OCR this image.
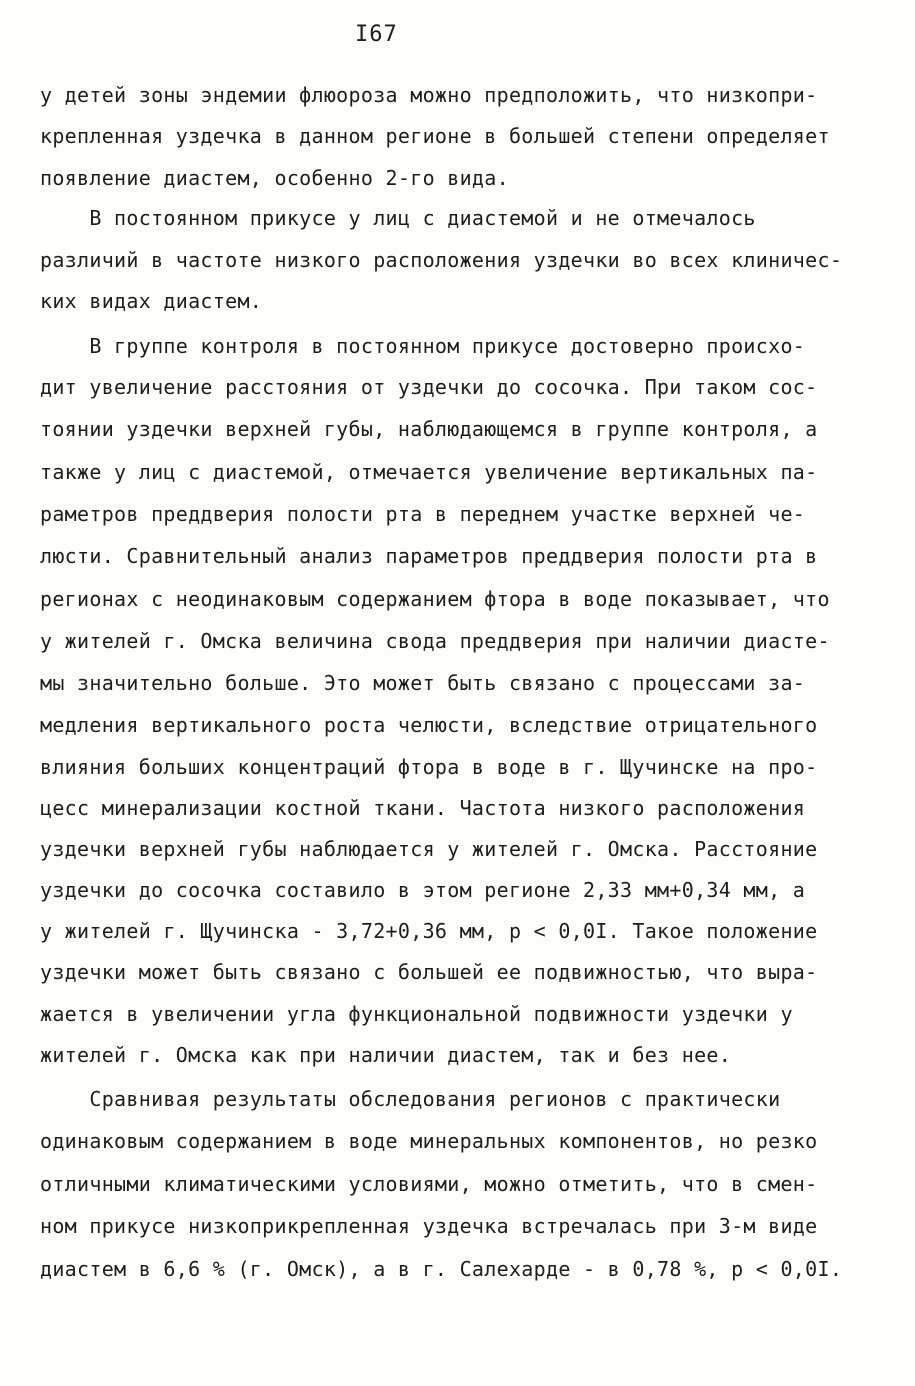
I67
у детей зоны эндемии флюороза можно предположить, что низкопри-
крепленная уздечка в данном регионе в большей степени определяет
появление диастем, особенно 2-го вида.
В постоянном прикусе у лиц с диастемой и не отмечалось
различий в частоте низкого расположения уздечки во всех клиничес-
ких видах диастем.
В группе контроля в постоянном прикусе достоверно происхо-
дит увеличение расстояния от уздечки до сосочка. При таком сос-
тоянии уздечки верхней губы, наблюдающемся в группе контроля, а
также у лиц с диастемой, отмечается увеличение вертикальных па-
раметров преддверия полости рта в переднем участке верхней че-
люсти. Сравнительный анализ параметров преддверия полости рта в
регионах с неодинаковым содержанием фтора в воде показывает, что
у жителей г. Омска величина свода преддверия при наличии диасте-
мы значительно больше. Это может быть связано с процессами за-
медления вертикального роста челюсти, вследствие отрицательного
влияния больших концентраций фтора в воде в г. Щучинске на про-
цесс минерализации костной ткани. Частота низкого расположения
уздечки верхней губы наблюдается у жителей г. Омска. Расстояние
уздечки до сосочка составило в этом регионе 2,33 мм+0,34 мм, а
у жителей г. Щучинска - 3,72+0,36 мм, р < 0,0I. Такое положение
уздечки может быть связано с большей ее подвижностью, что выра-
жается в увеличении угла функциональной подвижности уздечки у
жителей г. Омска как при наличии диастем, так и без нее.
Сравнивая результаты обследования регионов с практически
одинаковым содержанием в воде минеральных компонентов, но резко
отличными климатическими условиями, можно отметить, что в смен-
ном прикусе низкоприкрепленная уздечка встречалась при 3-м виде
диастем в 6,6 % (г. Омск), а в г. Салехарде - в 0,78 %, р < 0,0I.
